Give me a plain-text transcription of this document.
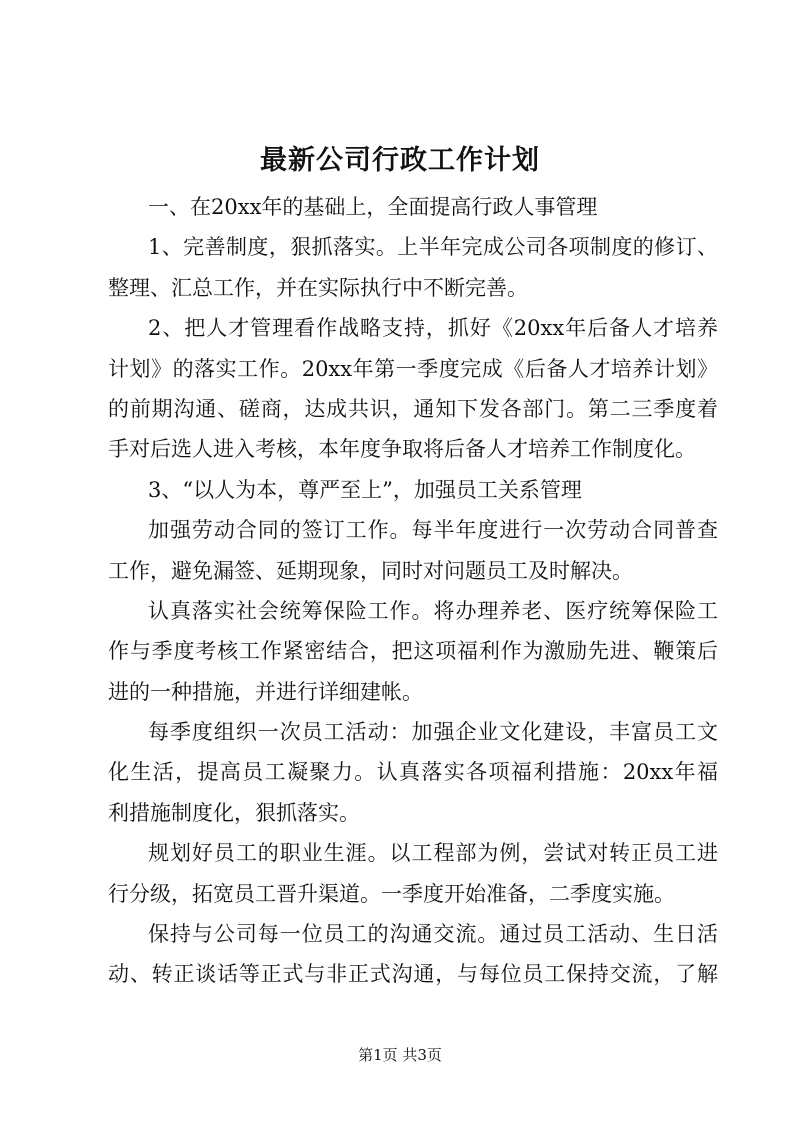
最新公司行政工作计划
一、在20xx年的基础上，全面提高行政人事管理
1、完善制度，狠抓落实。上半年完成公司各项制度的修订、
整理、汇总工作，并在实际执行中不断完善。
2、把人才管理看作战略支持，抓好《20xx年后备人才培养
计划》的落实工作。20xx年第一季度完成《后备人才培养计划》
的前期沟通、磋商，达成共识，通知下发各部门。第二三季度着
手对后选人进入考核，本年度争取将后备人才培养工作制度化。
3、“以人为本，尊严至上”，加强员工关系管理
加强劳动合同的签订工作。每半年度进行一次劳动合同普查
工作，避免漏签、延期现象，同时对问题员工及时解决。
认真落实社会统筹保险工作。将办理养老、医疗统筹保险工
作与季度考核工作紧密结合，把这项福利作为激励先进、鞭策后
进的一种措施，并进行详细建帐。
每季度组织一次员工活动：加强企业文化建设，丰富员工文
化生活，提高员工凝聚力。认真落实各项福利措施：20xx年福
利措施制度化，狠抓落实。
规划好员工的职业生涯。以工程部为例，尝试对转正员工进
行分级，拓宽员工晋升渠道。一季度开始准备，二季度实施。
保持与公司每一位员工的沟通交流。通过员工活动、生日活
动、转正谈话等正式与非正式沟通，与每位员工保持交流，了解
第1页 共3页
